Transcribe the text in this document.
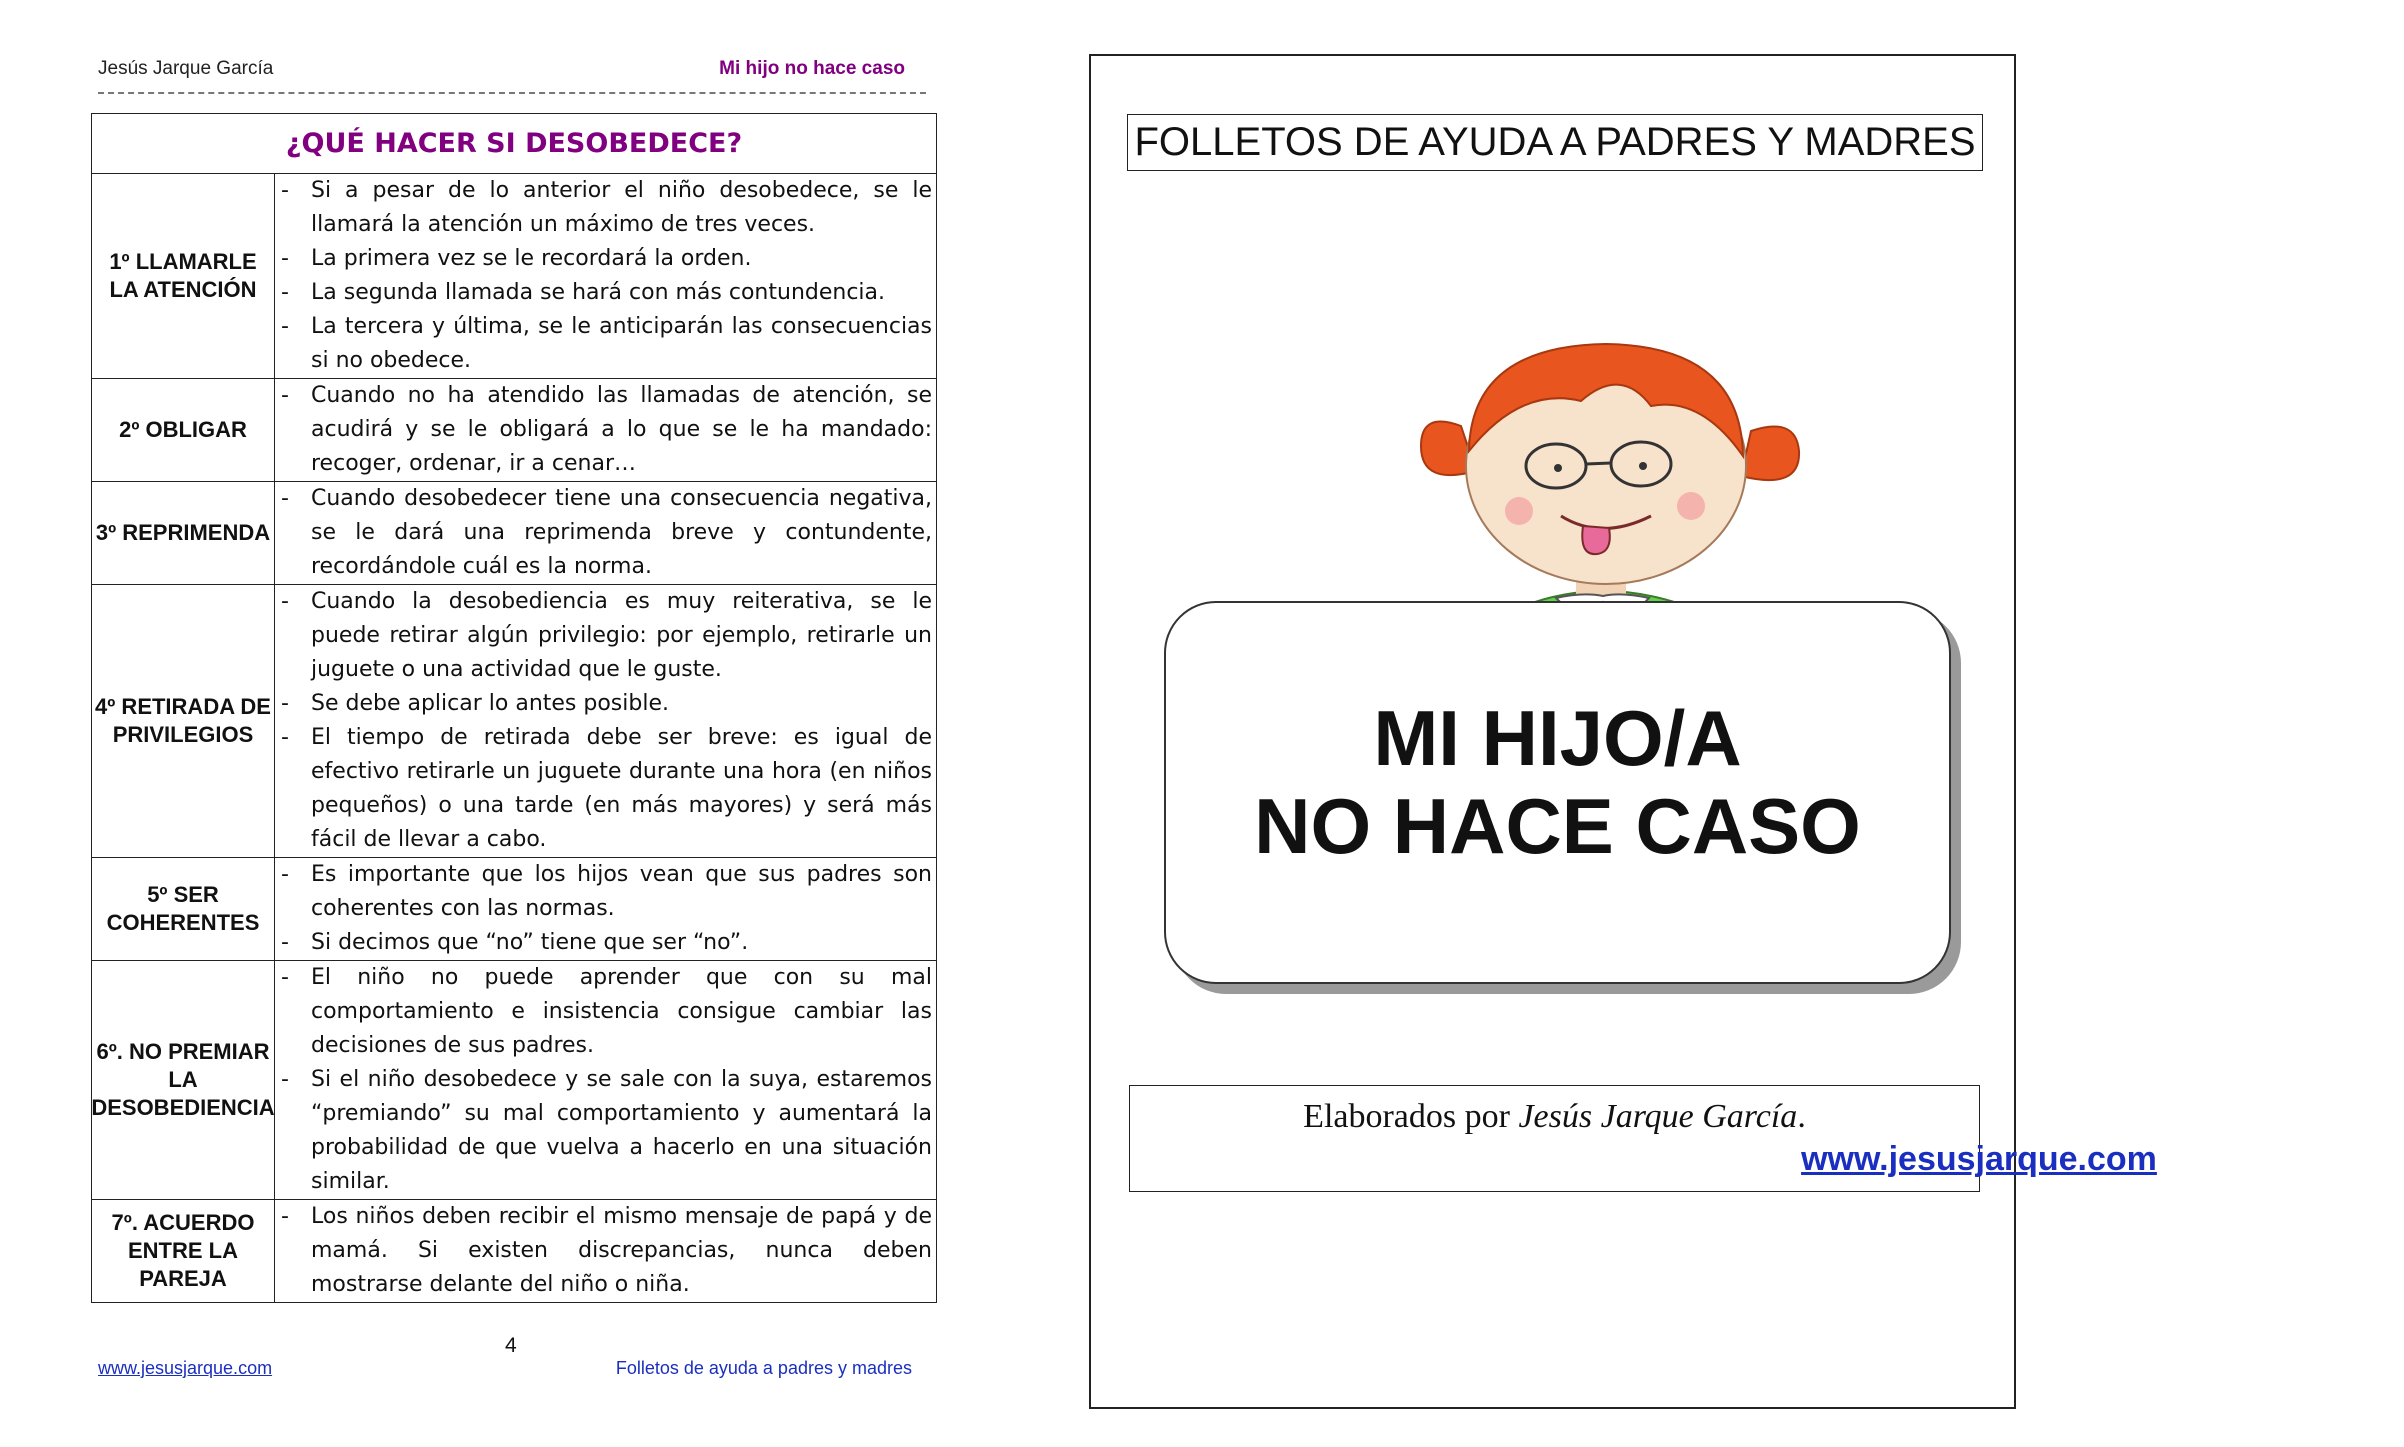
Jesús Jarque García	Mi hijo no hace caso
¿QUÉ HACER SI DESOBEDECE?
1º LLAMARLE LA ATENCIÓN
-	Si a pesar de lo anterior el niño desobedece, se le llamará la atención un máximo de tres veces.
-	La primera vez se le recordará la orden.
-	La segunda llamada se hará con más contundencia.
-	La tercera y última, se le anticiparán las consecuencias si no obedece.
2º OBLIGAR
-	Cuando no ha atendido las llamadas de atención, se acudirá y se le obligará a lo que se le ha mandado: recoger, ordenar, ir a cenar…
3º REPRIMENDA
-	Cuando desobedecer tiene una consecuencia negativa, se le dará una reprimenda breve y contundente, recordándole cuál es la norma.
4º RETIRADA DE PRIVILEGIOS
-	Cuando la desobediencia es muy reiterativa, se le puede retirar algún privilegio: por ejemplo, retirarle un juguete o una actividad que le guste.
-	Se debe aplicar lo antes posible.
-	El tiempo de retirada debe ser breve: es igual de efectivo retirarle un juguete durante una hora (en niños pequeños) o una tarde (en más mayores) y será más fácil de llevar a cabo.
5º SER COHERENTES
-	Es importante que los hijos vean que sus padres son coherentes con las normas.
-	Si decimos que “no” tiene que ser “no”.
6º. NO PREMIAR LA DESOBEDIENCIA
-	El niño no puede aprender que con su mal comportamiento e insistencia consigue cambiar las decisiones de sus padres.
-	Si el niño desobedece y se sale con la suya, estaremos “premiando” su mal comportamiento y aumentará la probabilidad de que vuelva a hacerlo en una situación similar.
7º. ACUERDO ENTRE LA PAREJA
-	Los niños deben recibir el mismo mensaje de papá y de mamá. Si existen discrepancias, nunca deben mostrarse delante del niño o niña.
4
www.jesusjarque.com	Folletos de ayuda a padres y madres
FOLLETOS DE AYUDA A PADRES Y MADRES
MI HIJO/A
NO HACE CASO
Elaborados por Jesús Jarque García.
www.jesusjarque.com
